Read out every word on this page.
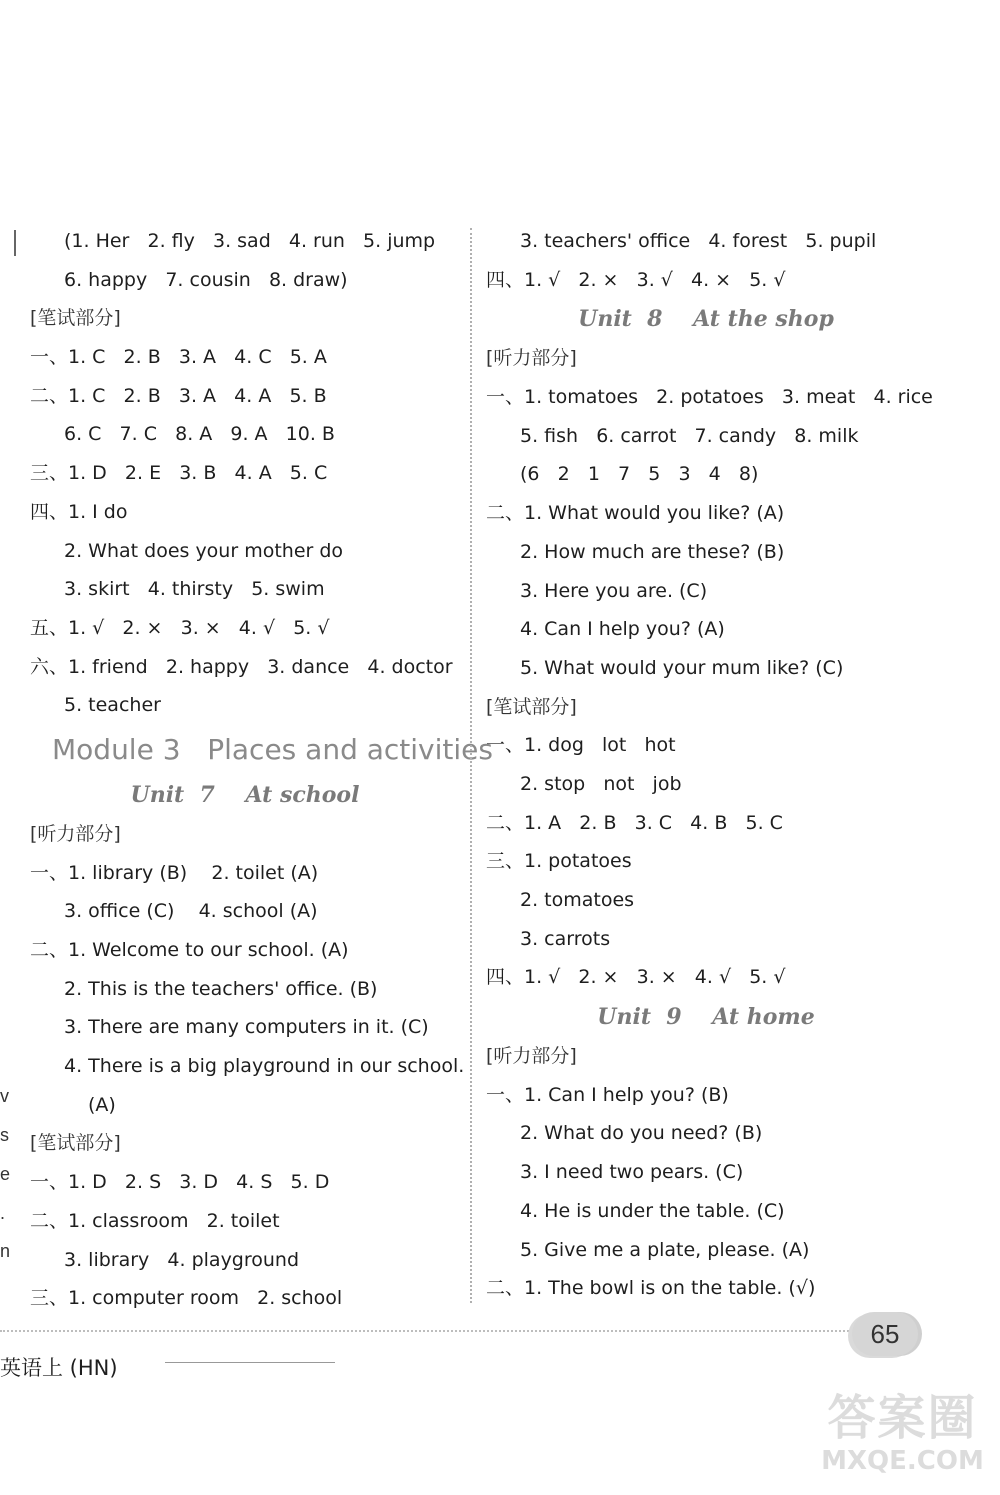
v
s
e
.
n
(1. Her   2. fly   3. sad   4. run   5. jump
6. happy   7. cousin   8. draw)
[笔试部分]
一、1. C   2. B   3. A   4. C   5. A
二、1. C   2. B   3. A   4. A   5. B
6. C   7. C   8. A   9. A   10. B
三、1. D   2. E   3. B   4. A   5. C
四、1. I do
2. What does your mother do
3. skirt   4. thirsty   5. swim
五、1. √   2. ×   3. ×   4. √   5. √
六、1. friend   2. happy   3. dance   4. doctor
5. teacher
Module 3   Places and activities
Unit  7    At school
[听力部分]
一、1. library (B)    2. toilet (A)
3. office (C)    4. school (A)
二、1. Welcome to our school. (A)
2. This is the teachers' office. (B)
3. There are many computers in it. (C)
4. There is a big playground in our school.
(A)
[笔试部分]
一、1. D   2. S   3. D   4. S   5. D
二、1. classroom   2. toilet
3. library   4. playground
三、1. computer room   2. school
3. teachers' office   4. forest   5. pupil
四、1. √   2. ×   3. √   4. ×   5. √
Unit  8    At the shop
[听力部分]
一、1. tomatoes   2. potatoes   3. meat   4. rice
5. fish   6. carrot   7. candy   8. milk
(6   2   1   7   5   3   4   8)
二、1. What would you like? (A)
2. How much are these? (B)
3. Here you are. (C)
4. Can I help you? (A)
5. What would your mum like? (C)
[笔试部分]
一、1. dog   lot   hot
2. stop   not   job
二、1. A   2. B   3. C   4. B   5. C
三、1. potatoes
2. tomatoes
3. carrots
四、1. √   2. ×   3. ×   4. √   5. √
Unit  9    At home
[听力部分]
一、1. Can I help you? (B)
2. What do you need? (B)
3. I need two pears. (C)
4. He is under the table. (C)
5. Give me a plate, please. (A)
二、1. The bowl is on the table. (√)
英语上 (HN)
65
答案圈
MXQE.COM
